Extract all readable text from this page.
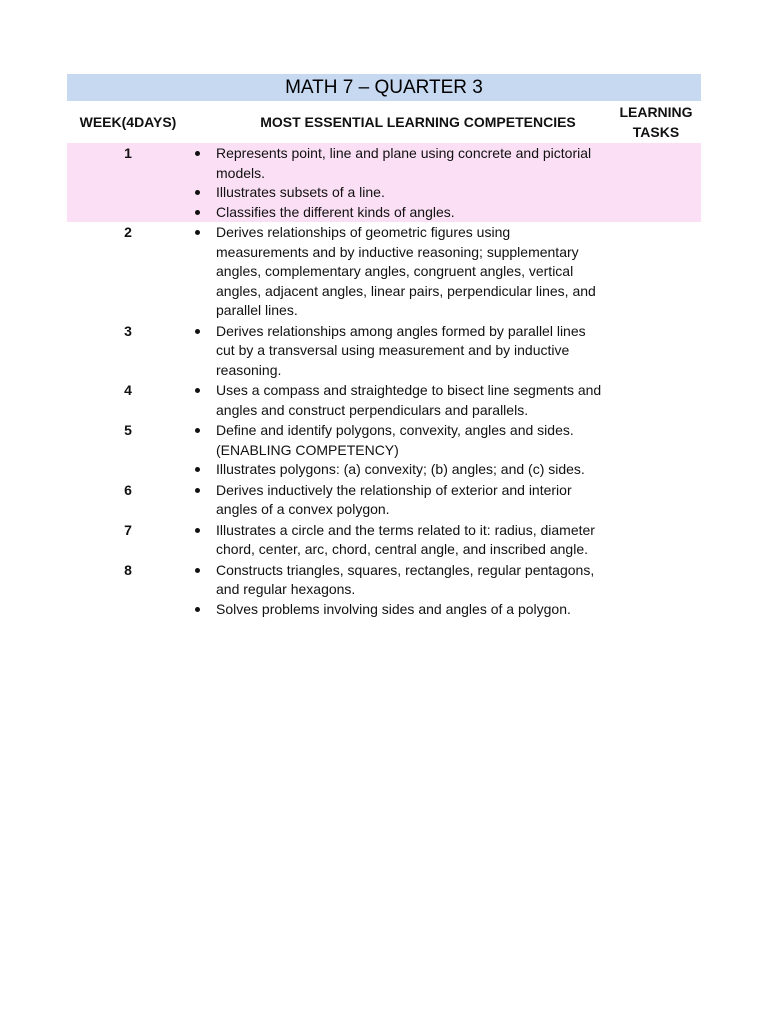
MATH 7 – QUARTER 3
WEEK(4DAYS)	MOST ESSENTIAL LEARNING COMPETENCIES
LEARNING
TASKS
1	Represents point, line and plane using concrete and pictorial models.
Illustrates subsets of a line.
Classifies the different kinds of angles.
2	Derives relationships of geometric figures using measurements and by inductive reasoning; supplementary angles, complementary angles, congruent angles, vertical angles, adjacent angles, linear pairs, perpendicular lines, and parallel lines.
3	Derives relationships among angles formed by parallel lines cut by a transversal using measurement and by inductive reasoning.
4	Uses a compass and straightedge to bisect line segments and angles and construct perpendiculars and parallels.
5	Define and identify polygons, convexity, angles and sides. (ENABLING COMPETENCY)
Illustrates polygons: (a) convexity; (b) angles; and (c) sides.
6	Derives inductively the relationship of exterior and interior angles of a convex polygon.
7	Illustrates a circle and the terms related to it: radius, diameter chord, center, arc, chord, central angle, and inscribed angle.
8	Constructs triangles, squares, rectangles, regular pentagons, and regular hexagons.
Solves problems involving sides and angles of a polygon.
